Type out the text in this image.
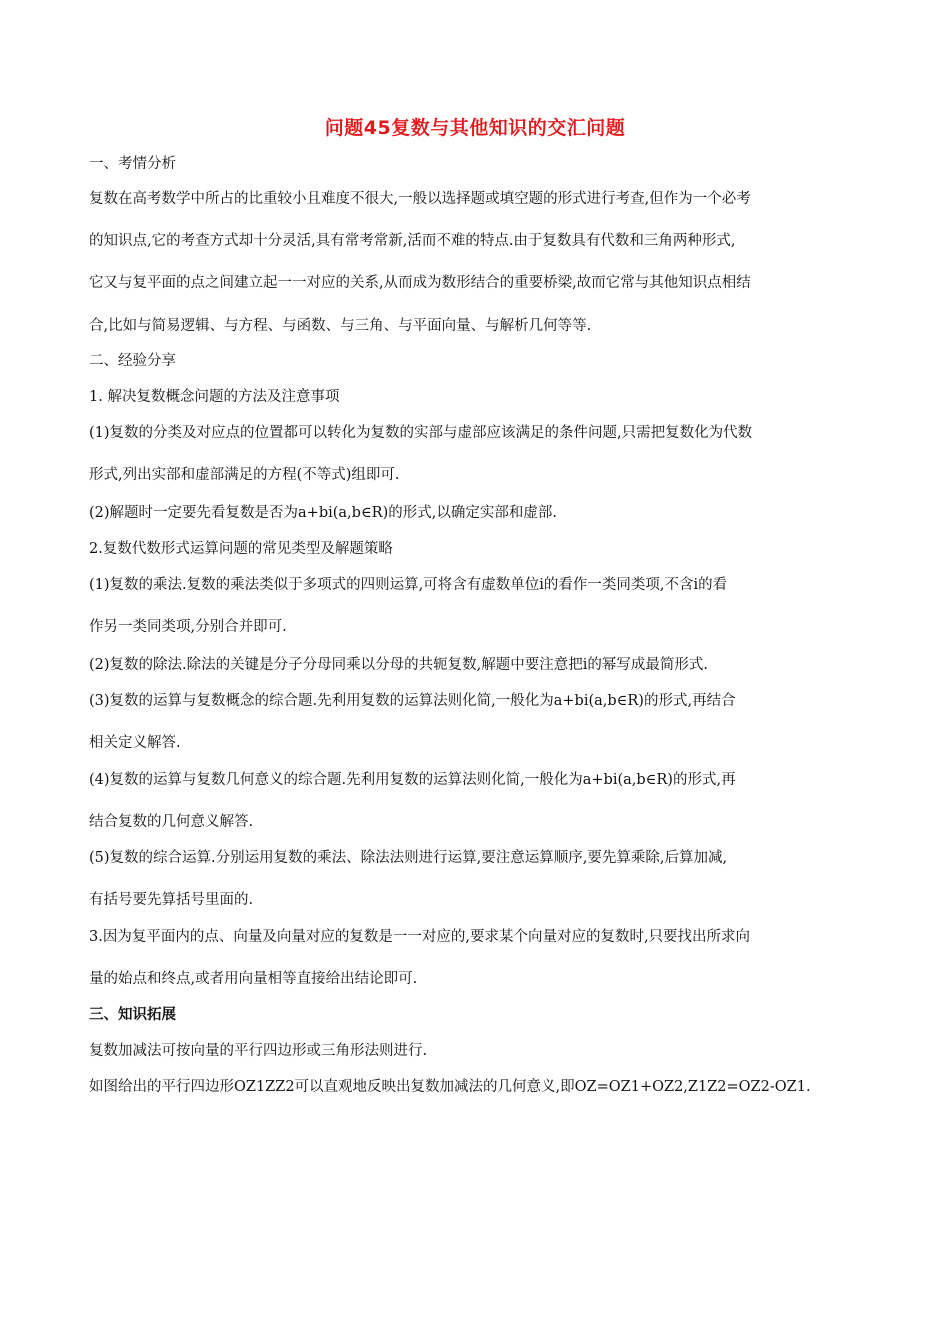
问题45复数与其他知识的交汇问题
一、考情分析
复数在高考数学中所占的比重较小且难度不很大,一般以选择题或填空题的形式进行考查,但作为一个必考
的知识点,它的考查方式却十分灵活,具有常考常新,活而不难的特点.由于复数具有代数和三角两种形式,
它又与复平面的点之间建立起一一对应的关系,从而成为数形结合的重要桥梁,故而它常与其他知识点相结
合,比如与简易逻辑、与方程、与函数、与三角、与平面向量、与解析几何等等.
二、经验分享
1. 解决复数概念问题的方法及注意事项
(1)复数的分类及对应点的位置都可以转化为复数的实部与虚部应该满足的条件问题,只需把复数化为代数
形式,列出实部和虚部满足的方程(不等式)组即可.
(2)解题时一定要先看复数是否为a+bi(a,b∈R)的形式,以确定实部和虚部.
2.复数代数形式运算问题的常见类型及解题策略
(1)复数的乘法.复数的乘法类似于多项式的四则运算,可将含有虚数单位i的看作一类同类项,不含i的看
作另一类同类项,分别合并即可.
(2)复数的除法.除法的关键是分子分母同乘以分母的共轭复数,解题中要注意把i的幂写成最简形式.
(3)复数的运算与复数概念的综合题.先利用复数的运算法则化简,一般化为a+bi(a,b∈R)的形式,再结合
相关定义解答.
(4)复数的运算与复数几何意义的综合题.先利用复数的运算法则化简,一般化为a+bi(a,b∈R)的形式,再
结合复数的几何意义解答.
(5)复数的综合运算.分别运用复数的乘法、除法法则进行运算,要注意运算顺序,要先算乘除,后算加减,
有括号要先算括号里面的.
3.因为复平面内的点、向量及向量对应的复数是一一对应的,要求某个向量对应的复数时,只要找出所求向
量的始点和终点,或者用向量相等直接给出结论即可.
三、知识拓展
复数加减法可按向量的平行四边形或三角形法则进行.
如图给出的平行四边形OZ1ZZ2可以直观地反映出复数加减法的几何意义,即OZ=OZ1+OZ2,Z1Z2=OZ2-OZ1.
